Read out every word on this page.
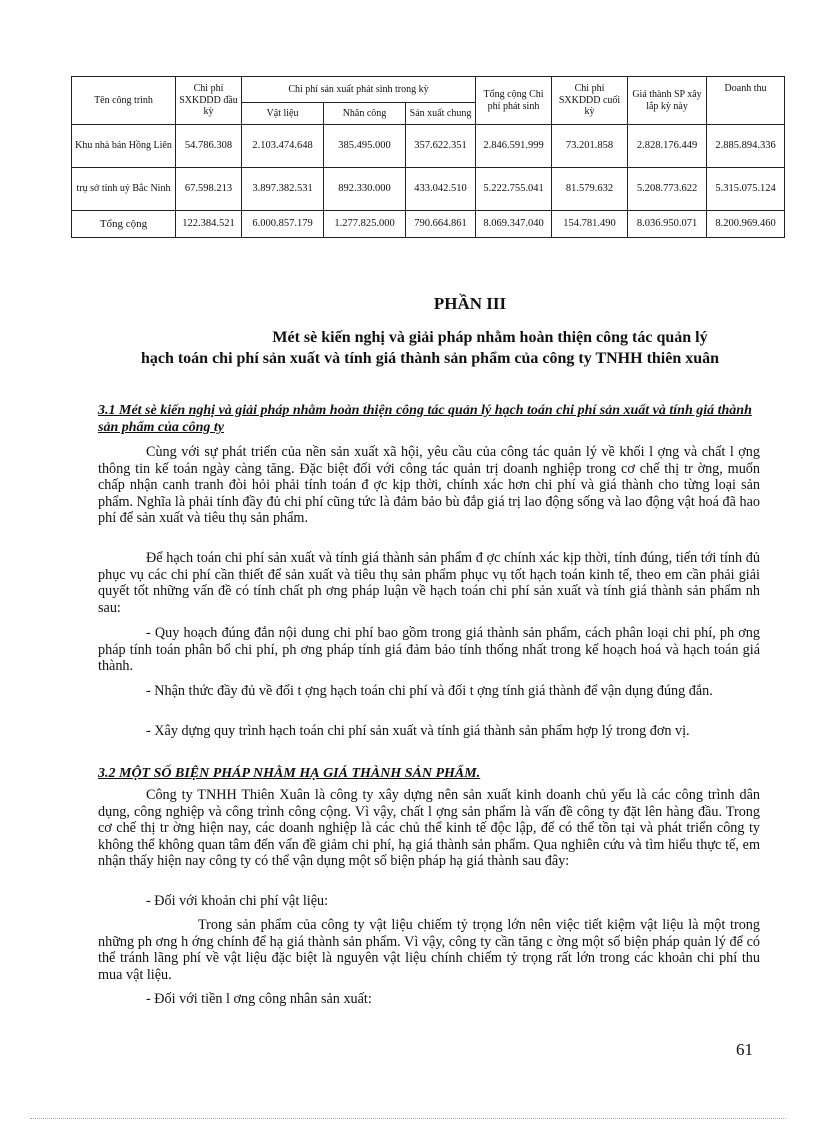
Tên công trình	Chi phí SXKDDD đầu kỳ	Chi phí sản xuất phát sinh trong kỳ			Tổng cộng Chi phí phát sinh	Chi phí SXKDDD cuối kỳ	Giá thành SP xây lắp kỳ này	Doanh thu
		Vật liệu	Nhân công	Sản xuất chung				
Khu nhà bán Hồng Liên	54.786.308	2.103.474.648	385.495.000	357.622.351	2.846.591.999	73.201.858	2.828.176.449	2.885.894.336
trụ sở tỉnh uỷ Bắc Ninh	67.598.213	3.897.382.531	892.330.000	433.042.510	5.222.755.041	81.579.632	5.208.773.622	5.315.075.124
Tổng cộng	122.384.521	6.000.857.179	1.277.825.000	790.664.861	8.069.347.040	154.781.490	8.036.950.071	8.200.969.460
PHẦN III
Mét sè kiến nghị và giải pháp nhằm hoàn thiện công tác quản lý
hạch toán chi phí sản xuất và tính giá thành sản phẩm của công ty TNHH thiên xuân
3.1 Mét sè kiến nghị và giải pháp nhằm hoàn thiện công tác quản lý hạch toán chi phí sản xuất và tính giá thành sản phẩm của công ty
Cùng với sự phát triển của nền sản xuất xã hội, yêu cầu của công tác quản lý về khối l ợng và chất l ợng thông tin kế toán ngày càng tăng. Đặc biệt đối với công tác quản trị doanh nghiệp trong cơ chế thị tr ờng, muốn chấp nhận canh tranh đòi hỏi phải tính toán đ ợc kịp thời, chính xác hơn chi phí và giá thành cho từng loại sản phẩm. Nghĩa là phải tính đầy đủ chi phí cũng tức là đảm bảo bù đắp giá trị lao động sống và lao động vật hoá đã hao phí để sản xuất và tiêu thụ sản phẩm.
Để hạch toán chi phí sản xuất và tính giá thành sản phẩm đ ợc chính xác kịp thời, tính đúng, tiến tới tính đủ phục vụ các chi phí cần thiết để sản xuất và tiêu thụ sản phẩm phục vụ tốt hạch toán kinh tế, theo em cần phải giải quyết tốt những vấn đề có tính chất ph ơng pháp luận về hạch toán chi phí sản xuất và tính giá thành sản phẩm nh sau:
- Quy hoạch đúng đắn nội dung chi phí bao gồm trong giá thành sản phẩm, cách phân loại chi phí, ph ơng pháp tính toán phân bổ chi phí, ph ơng pháp tính giá đảm bảo tính thống nhất trong kế hoạch hoá và hạch toán giá thành.
- Nhận thức đầy đủ về đối t ợng hạch toán chi phí và đối t ợng tính giá thành để vận dụng đúng đắn.
- Xây dựng quy trình hạch toán chi phí sản xuất và tính giá thành sản phẩm hợp lý trong đơn vị.
3.2 MỘT SỐ BIỆN PHÁP NHẰM HẠ GIÁ THÀNH SẢN PHẨM.
Công ty TNHH Thiên Xuân là công ty xây dựng nên sản xuất kinh doanh chủ yếu là các công trình dân dụng, công nghiệp và công trình công cộng. Vì vậy, chất l ợng sản phẩm là vấn đề công ty đặt lên hàng đầu. Trong cơ chế thị tr ờng hiện nay, các doanh nghiệp là các chủ thể kinh tế độc lập, để có thể tồn tại và phát triển công ty không thể không quan tâm đến vấn đề giảm chi phí, hạ giá thành sản phẩm. Qua nghiên cứu và tìm hiểu thực tế, em nhận thấy hiện nay công ty có thể vận dụng một số biện pháp hạ giá thành sau đây:
- Đối với khoản chi phí vật liệu:
Trong sản phẩm của công ty vật liệu chiếm tỷ trọng lớn nên việc tiết kiệm vật liệu là một trong những ph ơng h ớng chính để hạ giá thành sản phẩm. Vì vậy, công ty cần tăng c ờng một số biện pháp quản lý để có thể tránh lãng phí về vật liệu đặc biệt là nguyên vật liệu chính chiếm tỷ trọng rất lớn trong các khoản chi phí thu mua vật liệu.
- Đối với tiền l ơng công nhân sản xuất:
61
